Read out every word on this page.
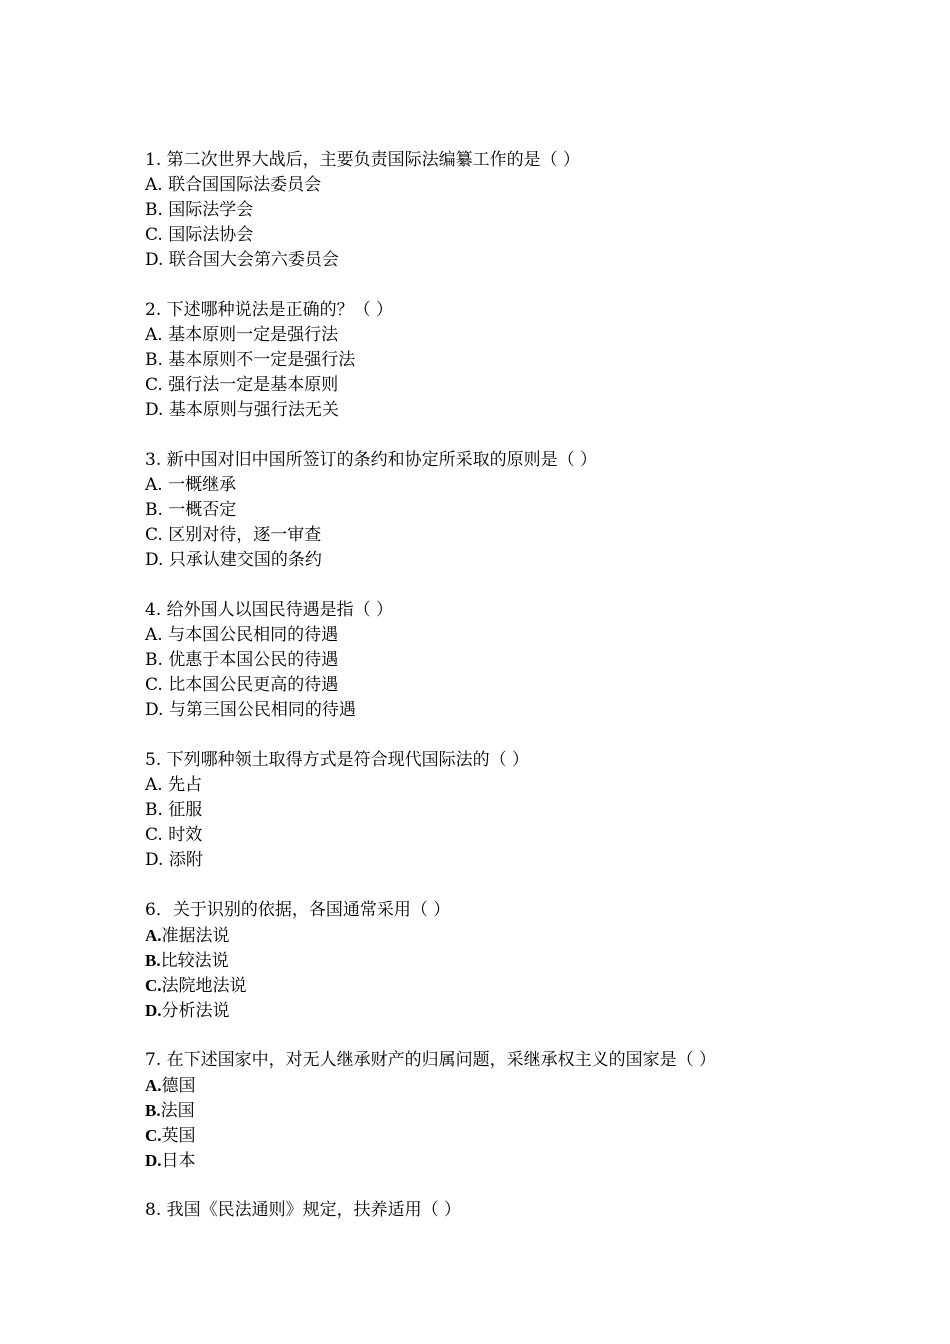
1. 第二次世界大战后，主要负责国际法编纂工作的是（ ）
A. 联合国国际法委员会
B. 国际法学会
C. 国际法协会
D. 联合国大会第六委员会
2. 下述哪种说法是正确的？（ ）
A. 基本原则一定是强行法
B. 基本原则不一定是强行法
C. 强行法一定是基本原则
D. 基本原则与强行法无关
3. 新中国对旧中国所签订的条约和协定所采取的原则是（ ）
A. 一概继承
B. 一概否定
C. 区别对待，逐一审查
D. 只承认建交国的条约
4. 给外国人以国民待遇是指（ ）
A. 与本国公民相同的待遇
B. 优惠于本国公民的待遇
C. 比本国公民更高的待遇
D. 与第三国公民相同的待遇
5. 下列哪种领土取得方式是符合现代国际法的（ ）
A. 先占
B. 征服
C. 时效
D. 添附
6．关于识别的依据，各国通常采用（ ）
A.准据法说
B.比较法说
C.法院地法说
D.分析法说
7. 在下述国家中，对无人继承财产的归属问题，采继承权主义的国家是（ ）
A.德国
B.法国
C.英国
D.日本
8. 我国《民法通则》规定，扶养适用（ ）
